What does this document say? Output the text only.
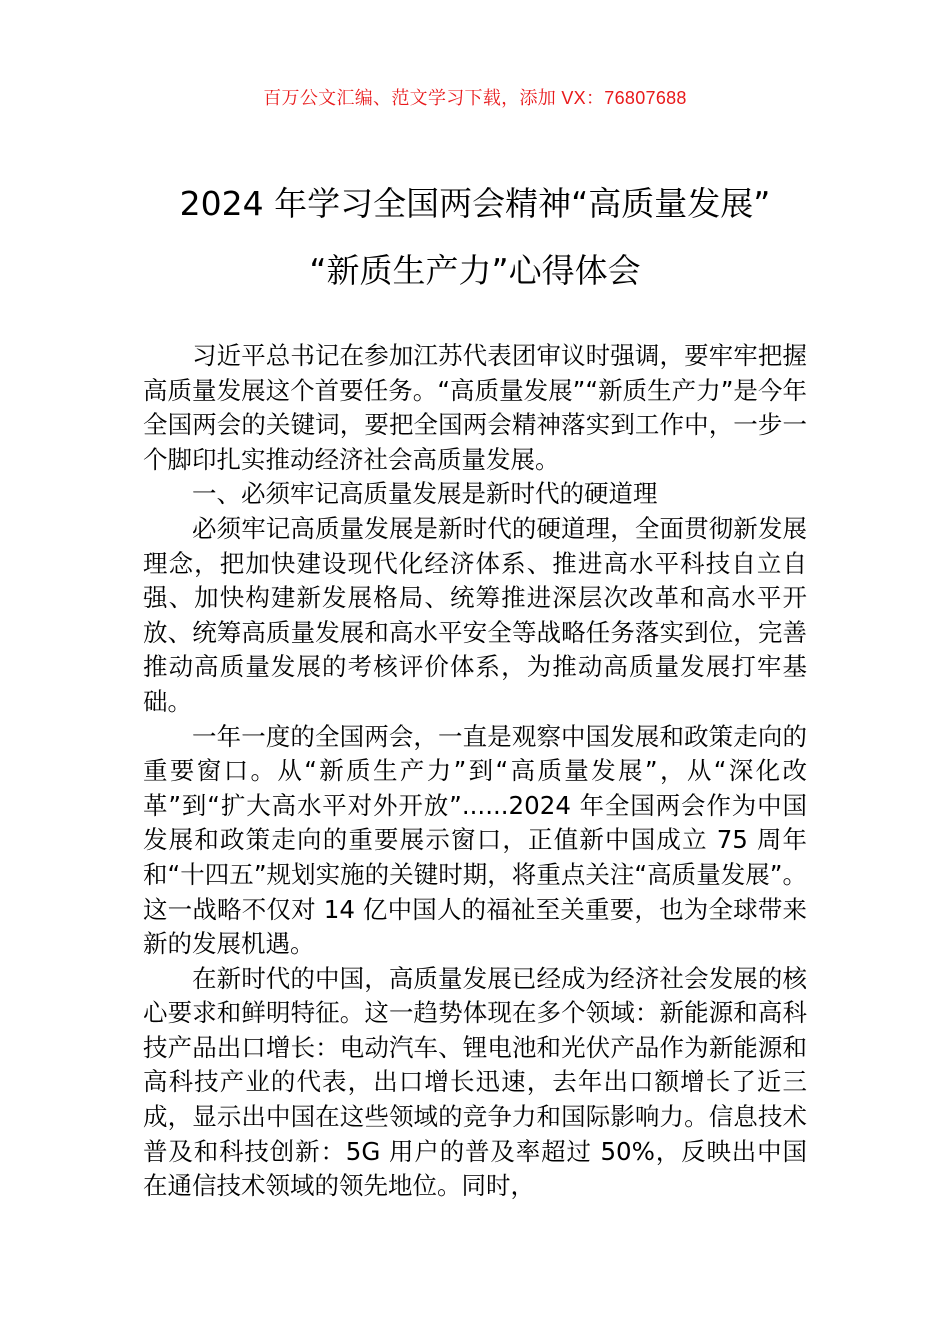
百万公文汇编、范文学习下载，添加 VX：76807688
2024 年学习全国两会精神“高质量发展”
“新质生产力”心得体会

习近平总书记在参加江苏代表团审议时强调，要牢牢把握高质量发展这个首要任务。“高质量发展”“新质生产力”是今年全国两会的关键词，要把全国两会精神落实到工作中，一步一个脚印扎实推动经济社会高质量发展。

一、必须牢记高质量发展是新时代的硬道理

必须牢记高质量发展是新时代的硬道理，全面贯彻新发展理念，把加快建设现代化经济体系、推进高水平科技自立自强、加快构建新发展格局、统筹推进深层次改革和高水平开放、统筹高质量发展和高水平安全等战略任务落实到位，完善推动高质量发展的考核评价体系，为推动高质量发展打牢基础。

一年一度的全国两会，一直是观察中国发展和政策走向的重要窗口。从“新质生产力”到“高质量发展”，从“深化改革”到“扩大高水平对外开放”......2024 年全国两会作为中国发展和政策走向的重要展示窗口，正值新中国成立 75 周年和“十四五”规划实施的关键时期，将重点关注“高质量发展”。这一战略不仅对 14 亿中国人的福祉至关重要，也为全球带来新的发展机遇。

在新时代的中国，高质量发展已经成为经济社会发展的核心要求和鲜明特征。这一趋势体现在多个领域：新能源和高科技产品出口增长：电动汽车、锂电池和光伏产品作为新能源和高科技产业的代表，出口增长迅速，去年出口额增长了近三成，显示出中国在这些领域的竞争力和国际影响力。信息技术普及和科技创新：5G 用户的普及率超过 50%，反映出中国在通信技术领域的领先地位。同时，
